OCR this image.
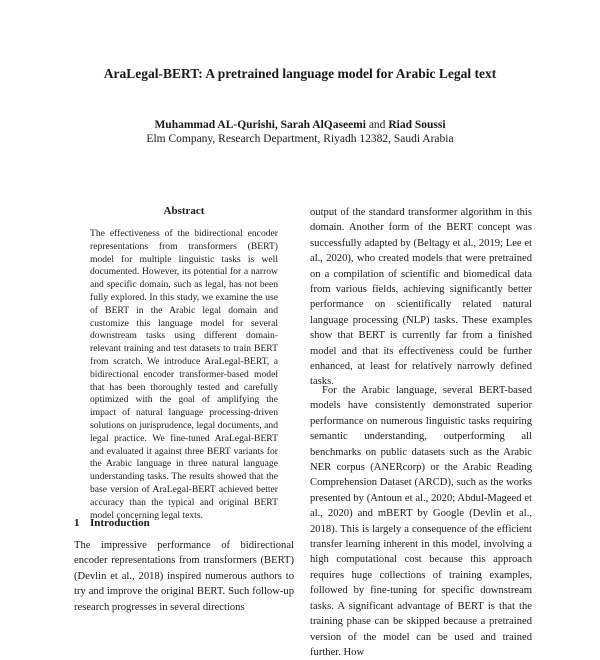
AraLegal-BERT: A pretrained language model for Arabic Legal text
Muhammad AL-Qurishi, Sarah AlQaseemi and Riad Soussi
Elm Company, Research Department, Riyadh 12382, Saudi Arabia
Abstract

The effectiveness of the bidirectional encoder representations from transformers (BERT) model for multiple linguistic tasks is well documented. However, its potential for a narrow and specific domain, such as legal, has not been fully explored. In this study, we examine the use of BERT in the Arabic legal domain and customize this language model for several downstream tasks using different domain-relevant training and test datasets to train BERT from scratch. We introduce AraLegal-BERT, a bidirectional encoder transformer-based model that has been thoroughly tested and carefully optimized with the goal of amplifying the impact of natural language processing-driven solutions on jurisprudence, legal documents, and legal practice. We fine-tuned AraLegal-BERT and evaluated it against three BERT variants for the Arabic language in three natural language understanding tasks. The results showed that the base version of AraLegal-BERT achieved better accuracy than the typical and original BERT model concerning legal texts.

1 Introduction

The impressive performance of bidirectional encoder representations from transformers (BERT) (Devlin et al., 2018) inspired numerous authors to try and improve the original BERT. Such follow-up research progresses in several directions

output of the standard transformer algorithm in this domain. Another form of the BERT concept was successfully adapted by (Beltagy et al., 2019; Lee et al., 2020), who created models that were pretrained on a compilation of scientific and biomedical data from various fields, achieving significantly better performance on scientifically related natural language processing (NLP) tasks. These examples show that BERT is currently far from a finished model and that its effectiveness could be further enhanced, at least for relatively narrowly defined tasks.

For the Arabic language, several BERT-based models have consistently demonstrated superior performance on numerous linguistic tasks requiring semantic understanding, outperforming all benchmarks on public datasets such as the Arabic NER corpus (ANERcorp) or the Arabic Reading Comprehension Dataset (ARCD), such as the works presented by (Antoun et al., 2020; Abdul-Mageed et al., 2020) and mBERT by Google (Devlin et al., 2018). This is largely a consequence of the efficient transfer learning inherent in this model, involving a high computational cost because this approach requires huge collections of training examples, followed by fine-tuning for specific downstream tasks. A significant advantage of BERT is that the training phase can be skipped because a pretrained version of the model can be used and trained further. How
